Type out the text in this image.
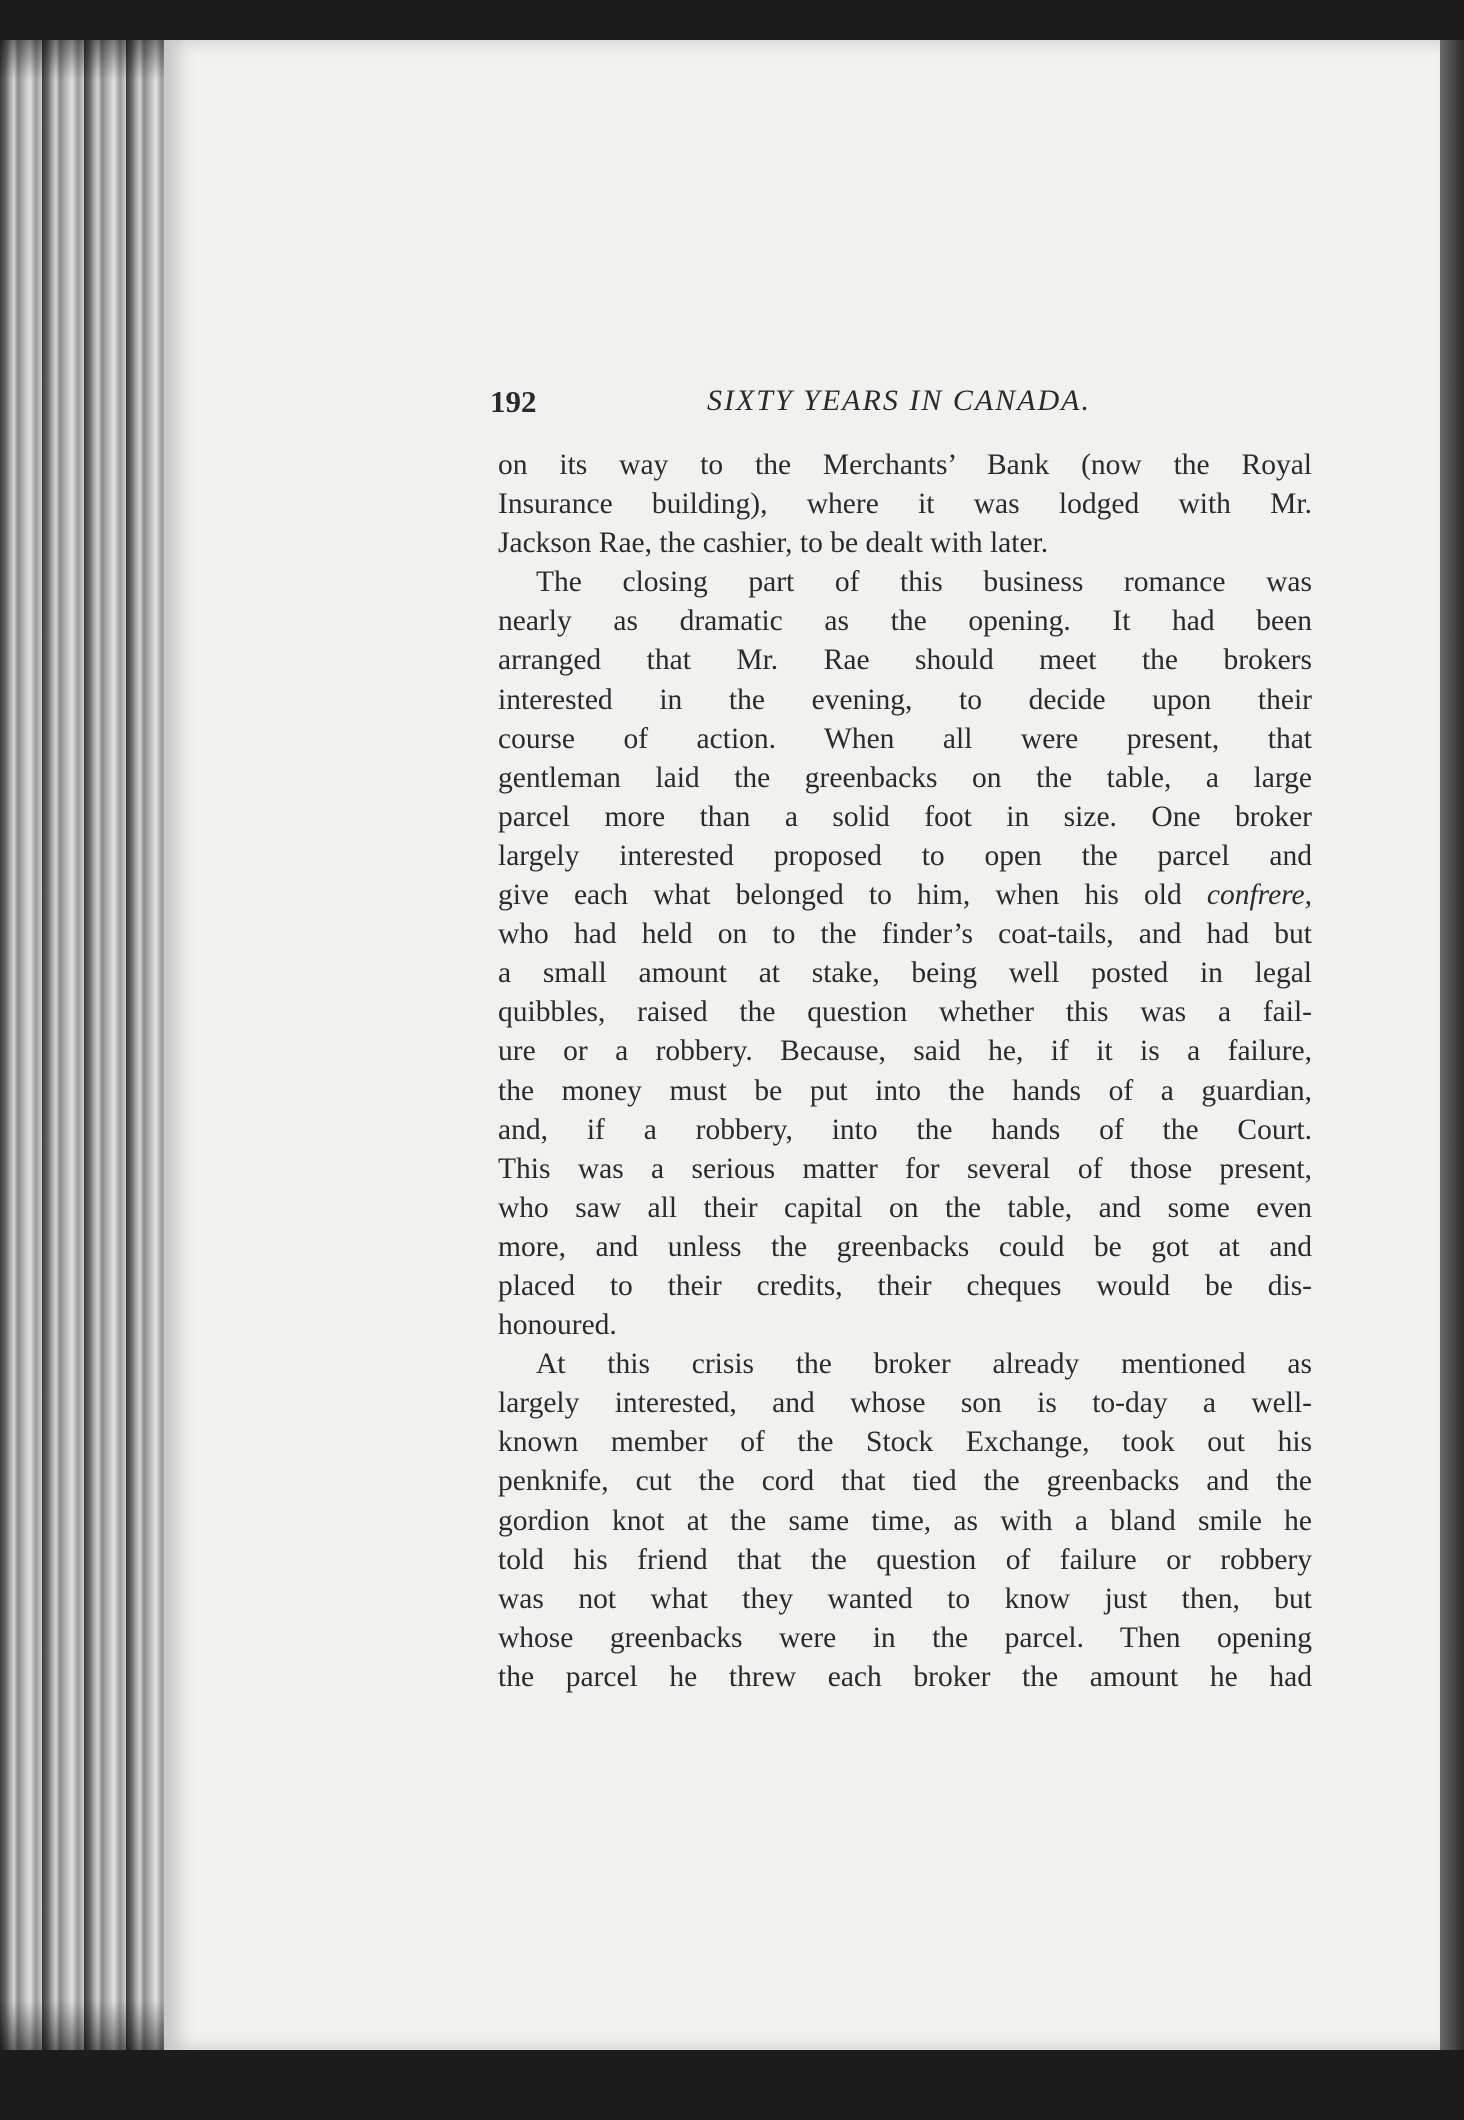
192	SIXTY YEARS IN CANADA.
on its way to the Merchants’ Bank (now the Royal
Insurance building), where it was lodged with Mr.
Jackson Rae, the cashier, to be dealt with later.
The closing part of this business romance was
nearly as dramatic as the opening. It had been
arranged that Mr. Rae should meet the brokers
interested in the evening, to decide upon their
course of action. When all were present, that
gentleman laid the greenbacks on the table, a large
parcel more than a solid foot in size. One broker
largely interested proposed to open the parcel and
give each what belonged to him, when his old confrere,
who had held on to the finder’s coat-tails, and had but
a small amount at stake, being well posted in legal
quibbles, raised the question whether this was a fail-
ure or a robbery. Because, said he, if it is a failure,
the money must be put into the hands of a guardian,
and, if a robbery, into the hands of the Court.
This was a serious matter for several of those present,
who saw all their capital on the table, and some even
more, and unless the greenbacks could be got at and
placed to their credits, their cheques would be dis-
honoured.
At this crisis the broker already mentioned as
largely interested, and whose son is to-day a well-
known member of the Stock Exchange, took out his
penknife, cut the cord that tied the greenbacks and the
gordion knot at the same time, as with a bland smile he
told his friend that the question of failure or robbery
was not what they wanted to know just then, but
whose greenbacks were in the parcel. Then opening
the parcel he threw each broker the amount he had
